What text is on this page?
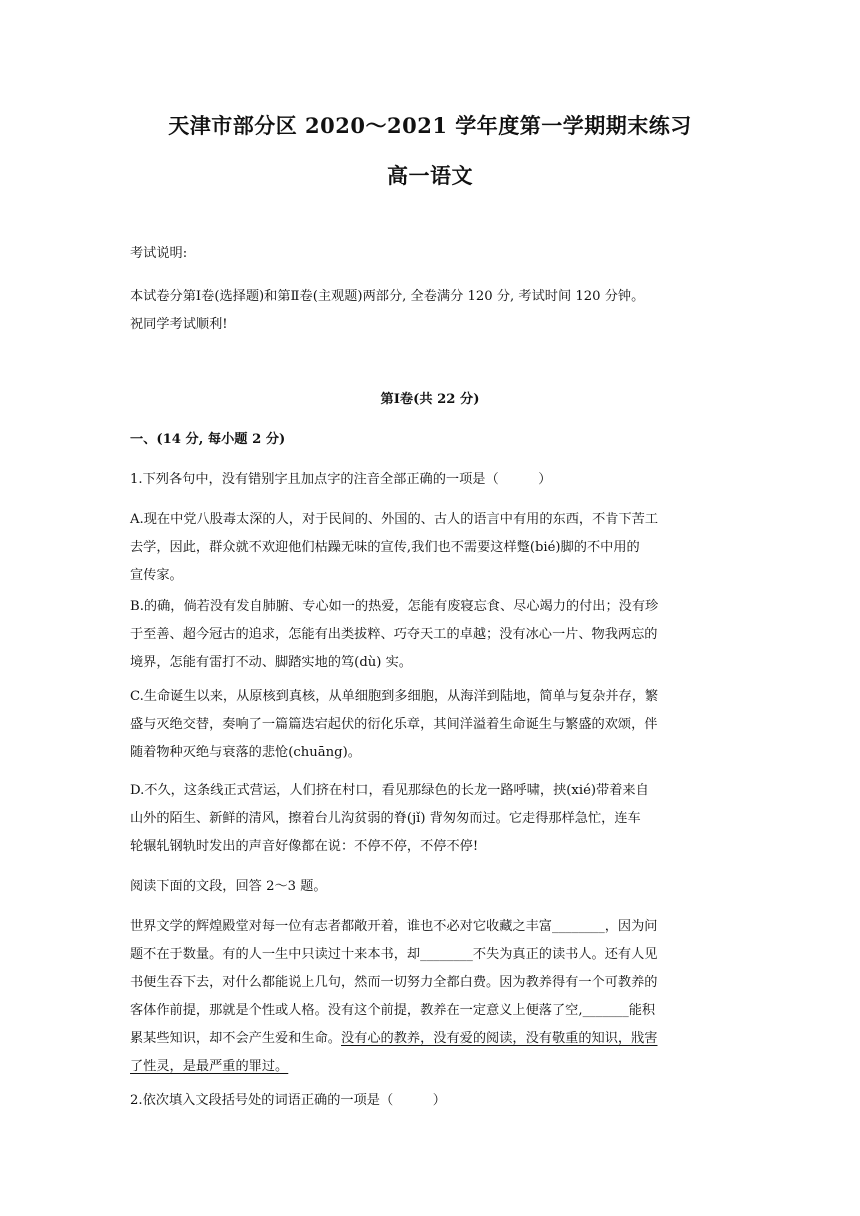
天津市部分区 2020～2021 学年度第一学期期末练习
高一语文
考试说明:
本试卷分第Ⅰ卷(选择题)和第Ⅱ卷(主观题)两部分, 全卷满分 120 分, 考试时间 120 分钟。
祝同学考试顺利!
第Ⅰ卷(共 22 分)
一、(14 分, 每小题 2 分)
1.下列各句中，没有错别字且加点字的注音全部正确的一项是（　　　）
A.现在中党八股毒太深的人，对于民间的、外国的、古人的语言中有用的东西，不肯下苦工
去学，因此，群众就不欢迎他们枯躁无味的宣传,我们也不需要这样蹩(bié)脚的不中用的
宣传家。
B.的确，倘若没有发自肺腑、专心如一的热爱，怎能有废寝忘食、尽心竭力的付出；没有珍
于至善、超今冠古的追求，怎能有出类拔粹、巧夺天工的卓越；没有冰心一片、物我两忘的
境界，怎能有雷打不动、脚踏实地的笃(dù) 实。
C.生命诞生以来，从原核到真核，从单细胞到多细胞，从海洋到陆地，简单与复杂并存，繁
盛与灭绝交替，奏响了一篇篇迭宕起伏的衍化乐章，其间洋溢着生命诞生与繁盛的欢颂，伴
随着物种灭绝与衰落的悲怆(chuāng)。
D.不久，这条线正式营运，人们挤在村口，看见那绿色的长龙一路呼啸，挟(xié)带着来自
山外的陌生、新鲜的清风，擦着台儿沟贫弱的脊(jǐ) 背匆匆而过。它走得那样急忙，连车
轮辗轧钢轨时发出的声音好像都在说：不停不停，不停不停!
阅读下面的文段，回答 2～3 题。
世界文学的辉煌殿堂对每一位有志者都敞开着，谁也不必对它收藏之丰富________，因为问
题不在于数量。有的人一生中只读过十来本书，却________不失为真正的读书人。还有人见
书便生吞下去，对什么都能说上几句，然而一切努力全都白费。因为教养得有一个可教养的
客体作前提，那就是个性或人格。没有这个前提，教养在一定意义上便落了空,_______能积
累某些知识，却不会产生爱和生命。没有心的教养，没有爱的阅读，没有敬重的知识，戕害
了性灵，是最严重的罪过。
2.依次填入文段括号处的词语正确的一项是（　　　）
